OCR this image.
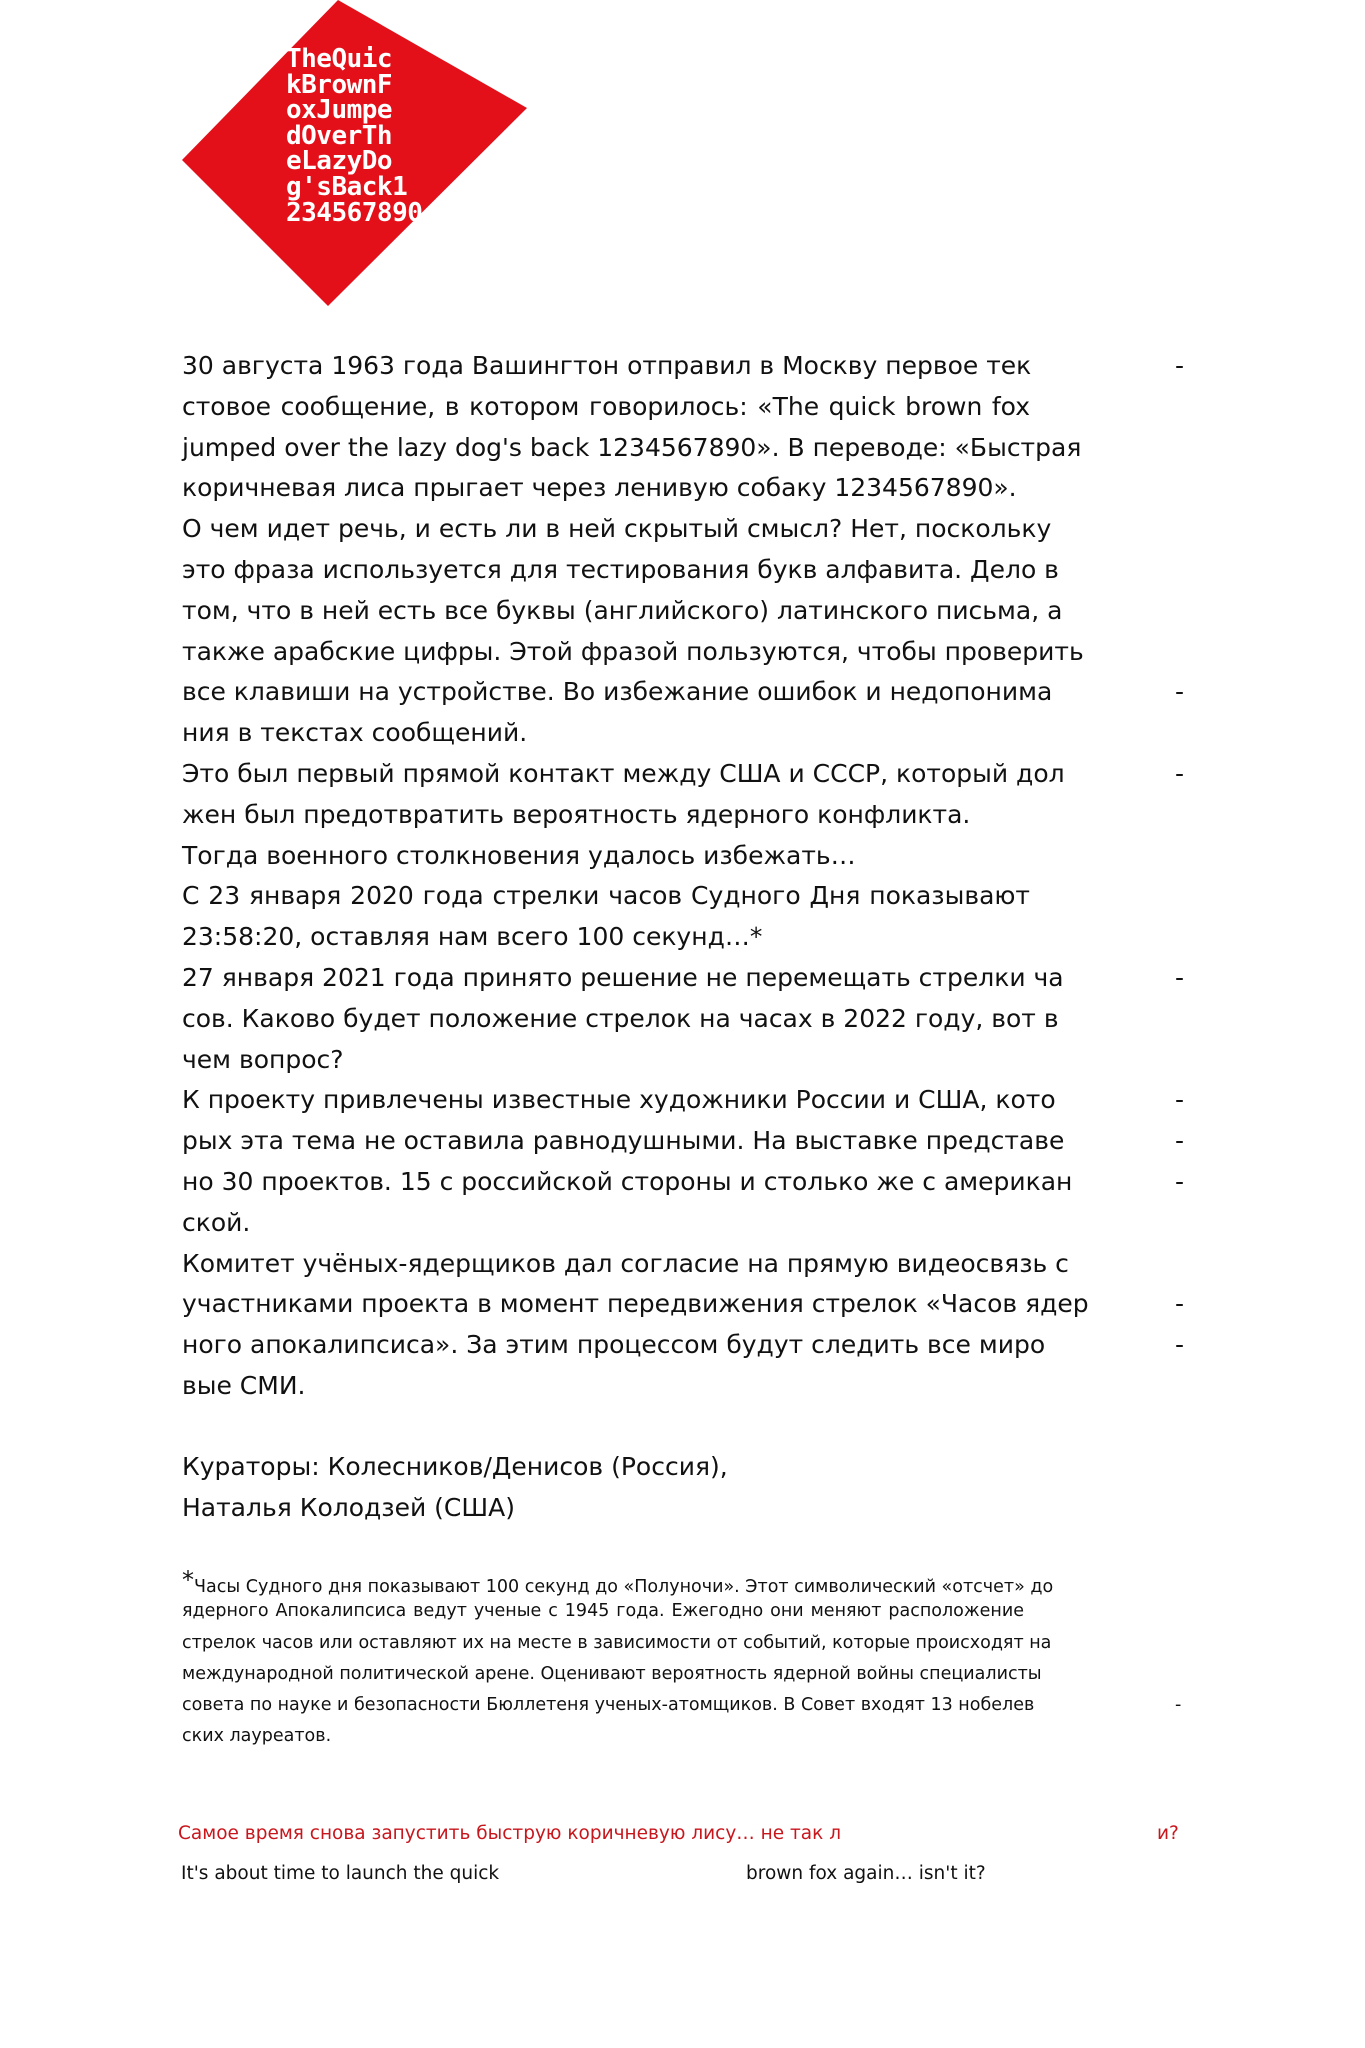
TheQuic
kBrownF
oxJumpe
dOverTh
eLazyDo
g'sBack1
234567890
30 августа 1963 года Вашингтон отправил в Москву первое тек	-
стовое сообщение, в котором говорилось: «The quick brown fox
jumped over the lazy dog's back 1234567890». В переводе: «Быстрая
коричневая лиса прыгает через ленивую собаку 1234567890».
О чем идет речь, и есть ли в ней скрытый смысл? Нет, поскольку
это фраза используется для тестирования букв алфавита. Дело в
том, что в ней есть все буквы (английского) латинского письма, а
также арабские цифры. Этой фразой пользуются, чтобы проверить
все клавиши на устройстве. Во избежание ошибок и недопонима	-
ния в текстах сообщений.
Это был первый прямой контакт между США и СССР, который дол	-
жен был предотвратить вероятность ядерного конфликта.
Тогда военного столкновения удалось избежать…
С 23 января 2020 года стрелки часов Судного Дня показывают
23:58:20, оставляя нам всего 100 секунд…*
27 января 2021 года принято решение не перемещать стрелки ча	-
сов. Каково будет положение стрелок на часах в 2022 году, вот в
чем вопрос?
К проекту привлечены известные художники России и США, кото	-
рых эта тема не оставила равнодушными. На выставке представе	-
но 30 проектов. 15 с российской стороны и столько же с американ	-
ской.
Комитет учёных-ядерщиков дал согласие на прямую видеосвязь с
участниками проекта в момент передвижения стрелок «Часов ядер	-
ного апокалипсиса». За этим процессом будут следить все миро	-
вые СМИ.
Кураторы: Колесников/Денисов (Россия),
Наталья Колодзей (США)
*Часы Судного дня показывают 100 секунд до «Полуночи». Этот символический «отсчет» до
ядерного Апокалипсиса ведут ученые с 1945 года. Ежегодно они меняют расположение
стрелок часов или оставляют их на месте в зависимости от событий, которые происходят на
международной политической арене. Оценивают вероятность ядерной войны специалисты
совета по науке и безопасности Бюллетеня ученых-атомщиков. В Совет входят 13 нобелев	-
ских лауреатов.
Самое время снова запустить быструю коричневую лису… не так л	и?
It's about time to launch the quick	brown fox again… isn't it?
